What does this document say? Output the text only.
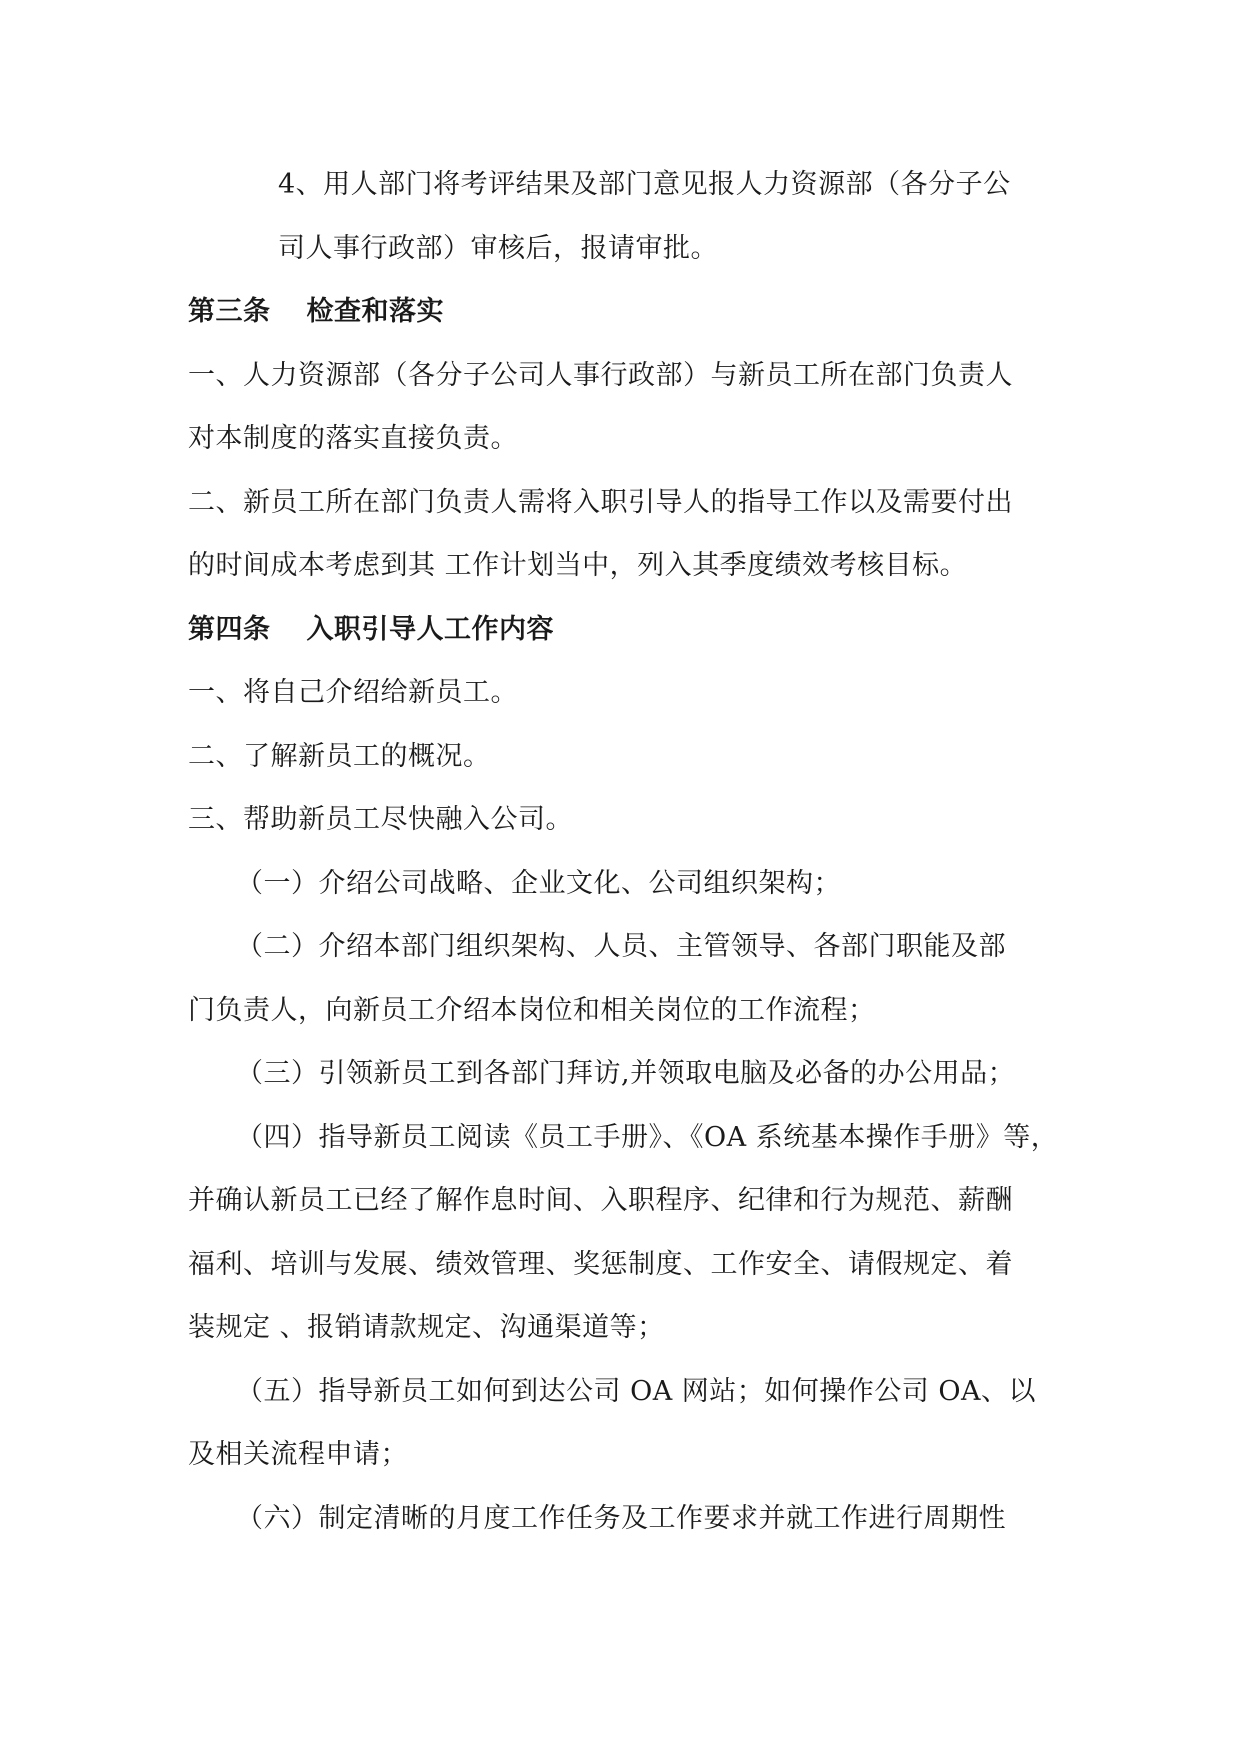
4、用人部门将考评结果及部门意见报人力资源部（各分子公
司人事行政部）审核后，报请审批。
第三条 检查和落实
一、人力资源部（各分子公司人事行政部）与新员工所在部门负责人
对本制度的落实直接负责。
二、新员工所在部门负责人需将入职引导人的指导工作以及需要付出
的时间成本考虑到其 工作计划当中，列入其季度绩效考核目标。
第四条 入职引导人工作内容
一、将自己介绍给新员工。
二、了解新员工的概况。
三、帮助新员工尽快融入公司。
（一）介绍公司战略、企业文化、公司组织架构；
（二）介绍本部门组织架构、人员、主管领导、各部门职能及部
门负责人，向新员工介绍本岗位和相关岗位的工作流程；
（三）引领新员工到各部门拜访,并领取电脑及必备的办公用品；
（四）指导新员工阅读《员工手册》、《OA 系统基本操作手册》等，
并确认新员工已经了解作息时间、入职程序、纪律和行为规范、薪酬
福利、培训与发展、绩效管理、奖惩制度、工作安全、请假规定、着
装规定 、报销请款规定、沟通渠道等；
（五）指导新员工如何到达公司 OA 网站；如何操作公司 OA、以
及相关流程申请；
（六）制定清晰的月度工作任务及工作要求并就工作进行周期性
